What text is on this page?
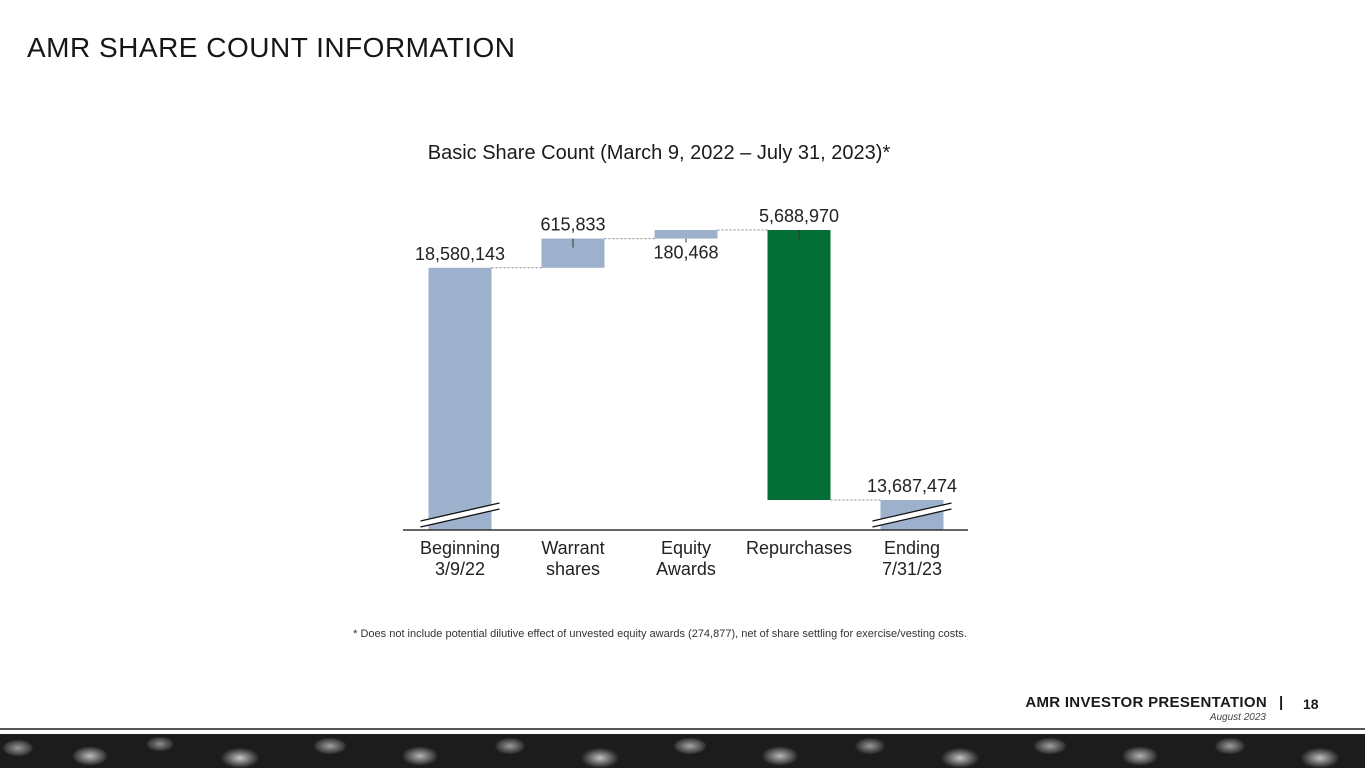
AMR SHARE COUNT INFORMATION
Basic Share Count (March 9, 2022 – July 31, 2023)*
18,580,143
Beginning
3/9/22
615,833
Warrant
shares
180,468
Equity
Awards
5,688,970
Repurchases
13,687,474
Ending
7/31/23
* Does not include potential dilutive effect of unvested equity awards (274,877), net of share settling for exercise/vesting costs.
AMR INVESTOR PRESENTATION |
August 2023
18
